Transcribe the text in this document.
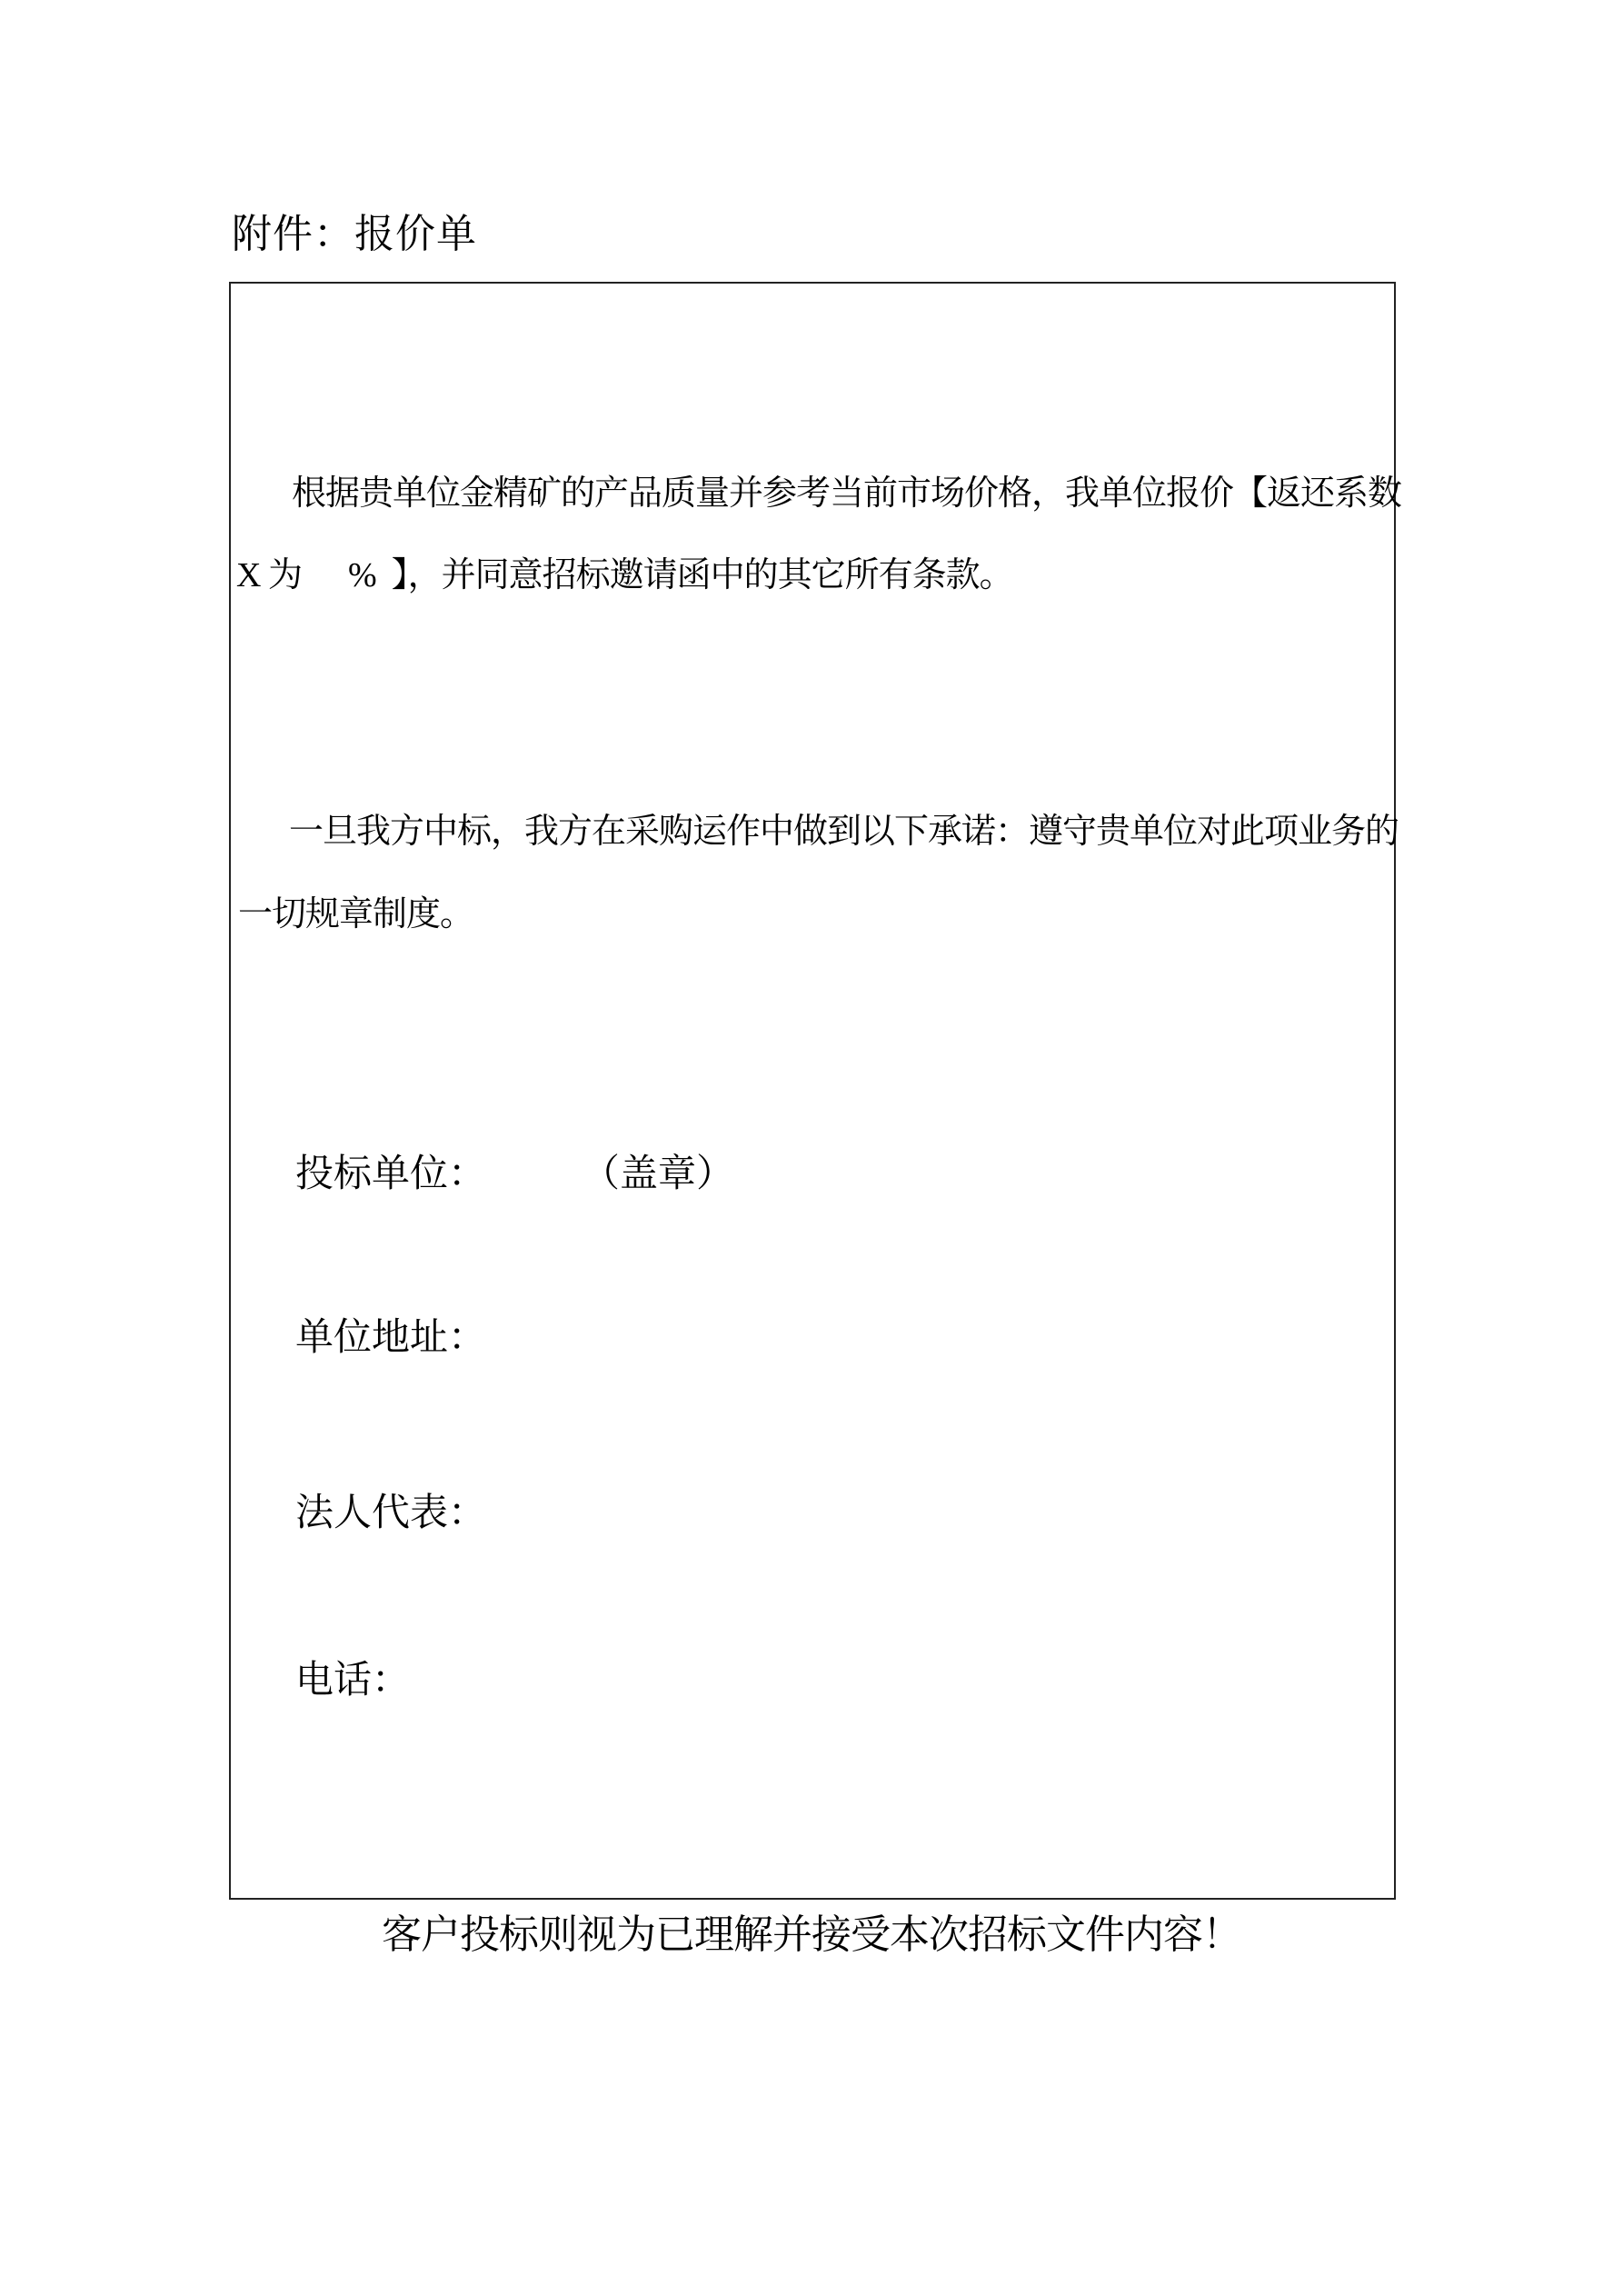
附件：报价单

根据贵单位金精矿的产品质量并参考当前市场价格，我单位报价【返还系数

X 为      %  】，并同意招标邀请函中的其它所有条款。

一旦我方中标，我方在采购运作中做到以下承诺：遵守贵单位对此项业务的

一切规章制度。

投标单位： （盖章）
单位地址：
法人代表：
电话：

客户投标则视为已理解并接受本次招标文件内容！
